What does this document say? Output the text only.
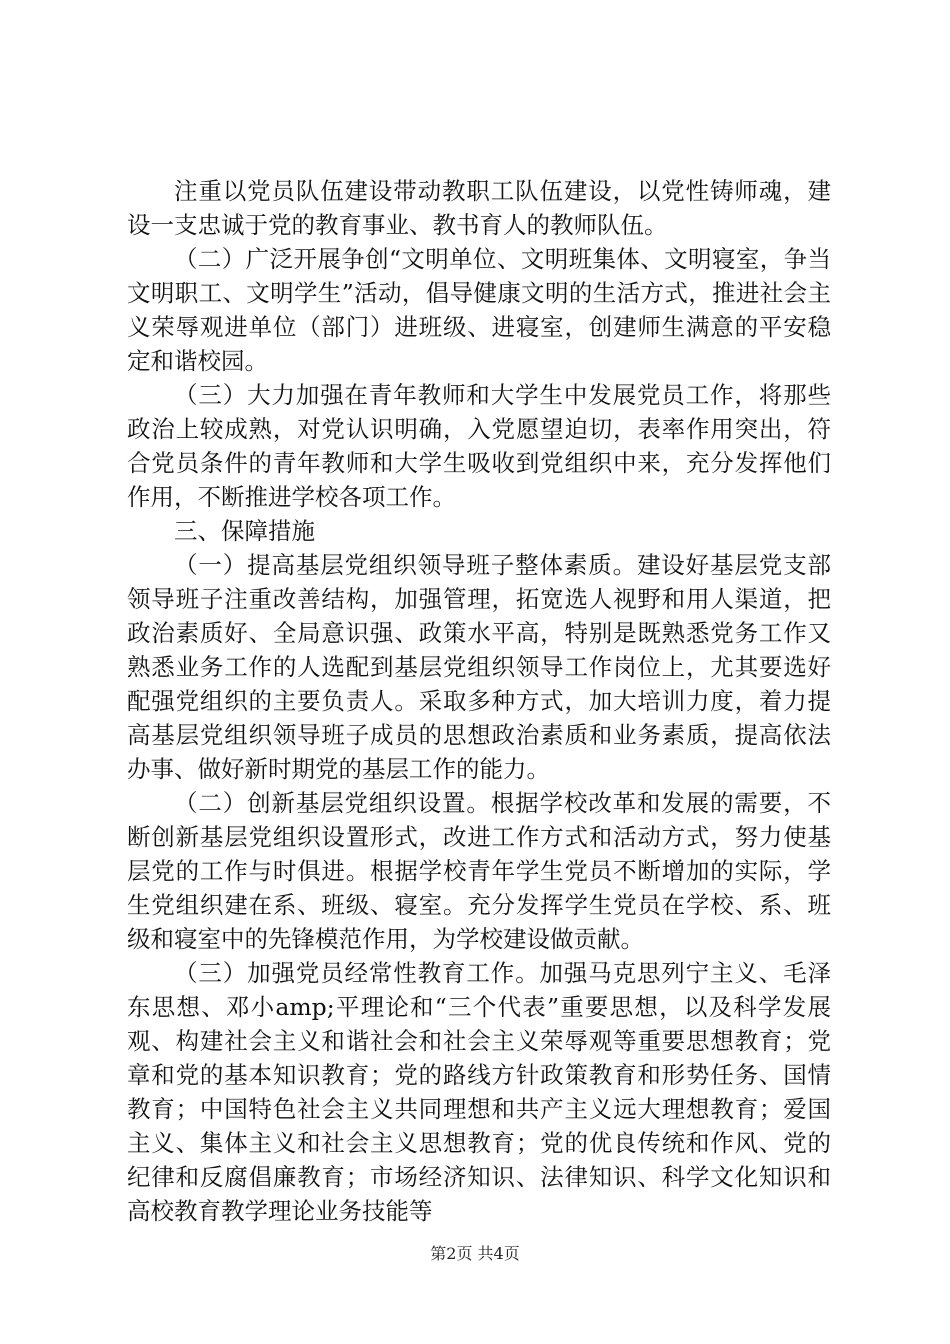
注重以党员队伍建设带动教职工队伍建设，以党性铸师魂，建设一支忠诚于党的教育事业、教书育人的教师队伍。

（二）广泛开展争创“文明单位、文明班集体、文明寝室，争当文明职工、文明学生”活动，倡导健康文明的生活方式，推进社会主义荣辱观进单位（部门）进班级、进寝室，创建师生满意的平安稳定和谐校园。

（三）大力加强在青年教师和大学生中发展党员工作，将那些政治上较成熟，对党认识明确，入党愿望迫切，表率作用突出，符合党员条件的青年教师和大学生吸收到党组织中来，充分发挥他们作用，不断推进学校各项工作。

三、保障措施

（一）提高基层党组织领导班子整体素质。建设好基层党支部领导班子注重改善结构，加强管理，拓宽选人视野和用人渠道，把政治素质好、全局意识强、政策水平高，特别是既熟悉党务工作又熟悉业务工作的人选配到基层党组织领导工作岗位上，尤其要选好配强党组织的主要负责人。采取多种方式，加大培训力度，着力提高基层党组织领导班子成员的思想政治素质和业务素质，提高依法办事、做好新时期党的基层工作的能力。

（二）创新基层党组织设置。根据学校改革和发展的需要，不断创新基层党组织设置形式，改进工作方式和活动方式，努力使基层党的工作与时俱进。根据学校青年学生党员不断增加的实际，学生党组织建在系、班级、寝室。充分发挥学生党员在学校、系、班级和寝室中的先锋模范作用，为学校建设做贡献。

（三）加强党员经常性教育工作。加强马克思列宁主义、毛泽东思想、邓小amp;平理论和“三个代表”重要思想，以及科学发展观、构建社会主义和谐社会和社会主义荣辱观等重要思想教育；党章和党的基本知识教育；党的路线方针政策教育和形势任务、国情教育；中国特色社会主义共同理想和共产主义远大理想教育；爱国主义、集体主义和社会主义思想教育；党的优良传统和作风、党的纪律和反腐倡廉教育；市场经济知识、法律知识、科学文化知识和高校教育教学理论业务技能等

第2页 共4页
